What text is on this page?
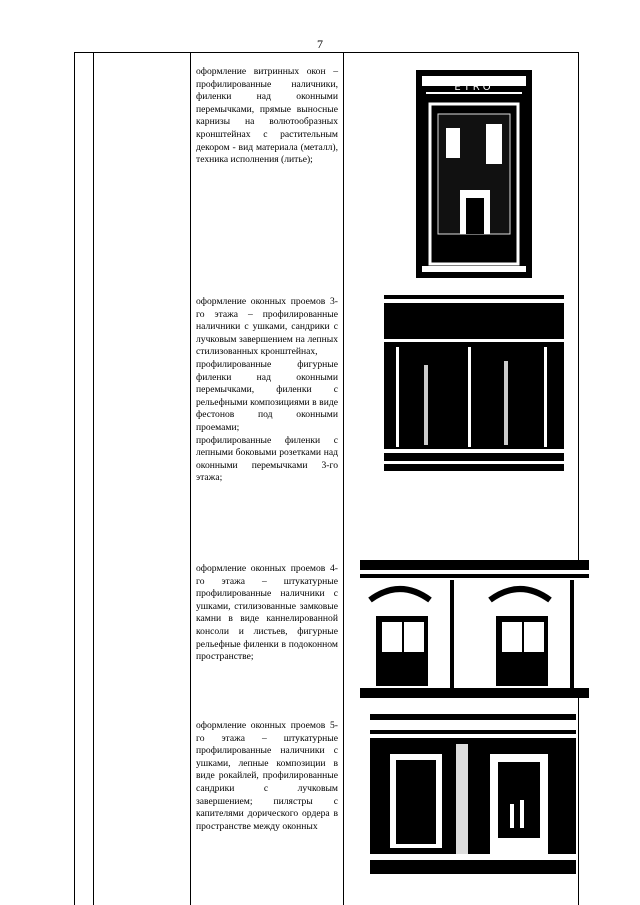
7

оформление витринных окон – профилированные наличники, филенки над оконными перемычками, прямые выносные карнизы на волютообразных кронштейнах с растительным декором - вид материала (металл), техника исполнения (литье);

ETRO

оформление оконных проемов 3-го этажа – профилированные наличники с ушками, сандрики с лучковым завершением на лепных стилизованных кронштейнах,
профилированные фигурные филенки над оконными перемычками, филенки с рельефными композициями в виде фестонов под оконными проемами;
профилированные филенки с лепными боковыми розетками над оконными перемычками 3-го этажа;

оформление оконных проемов 4-го этажа – штукатурные профилированные наличники с ушками, стилизованные замковые камни в виде каннелированной консоли и листьев, фигурные рельефные филенки в подоконном пространстве;

оформление оконных проемов 5-го этажа – штукатурные профилированные наличники с ушками, лепные композиции в виде рокайлей, профилированные сандрики с лучковым завершением; пилястры с капителями дорического ордера в пространстве между оконных
